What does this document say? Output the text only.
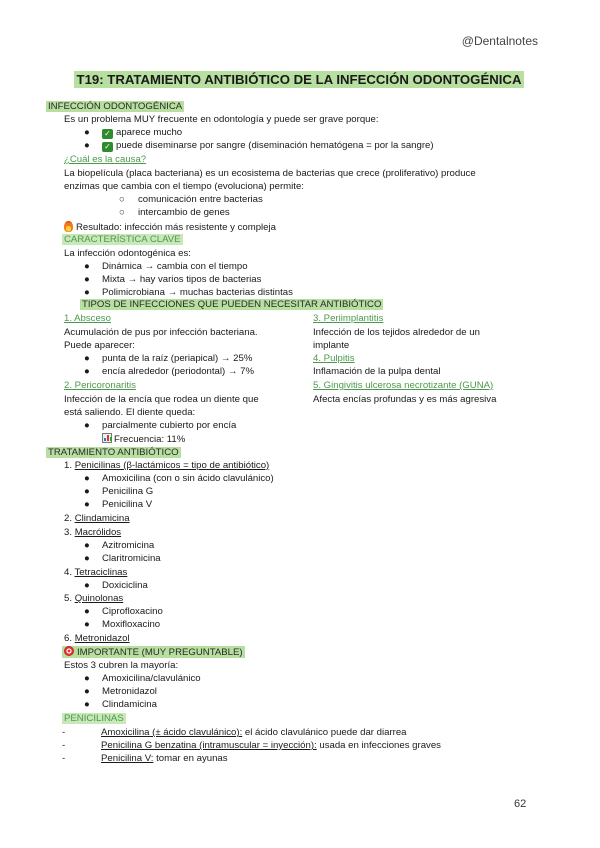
@Dentalnotes
T19: TRATAMIENTO ANTIBIÓTICO DE LA INFECCIÓN ODONTOGÉNICA
INFECCIÓN ODONTOGÉNICA
Es un problema MUY frecuente en odontología y puede ser grave porque:
● ✓ aparece mucho
● ✓ puede diseminarse por sangre (diseminación hematógena = por la sangre)
¿Cuál es la causa?
La biopelícula (placa bacteriana) es un ecosistema de bacterias que crece (proliferativo) produce
enzimas que cambia con el tiempo (evoluciona) permite:
○ comunicación entre bacterias
○ intercambio de genes
Resultado: infección más resistente y compleja
CARACTERÍSTICA CLAVE
La infección odontogénica es:
● Dinámica → cambia con el tiempo
● Mixta → hay varios tipos de bacterias
● Polimicrobiana → muchas bacterias distintas
TIPOS DE INFECCIONES QUE PUEDEN NECESITAR ANTIBIÓTICO
1. Absceso
Acumulación de pus por infección bacteriana.
Puede aparecer:
● punta de la raíz (periapical) → 25%
● encía alrededor (periodontal) → 7%
2. Pericoronaritis
Infección de la encía que rodea un diente que
está saliendo. El diente queda:
● parcialmente cubierto por encía
Frecuencia: 11%
3. Periimplantitis
Infección de los tejidos alrededor de un
implante
4. Pulpitis
Inflamación de la pulpa dental
5. Gingivitis ulcerosa necrotizante (GUNA)
Afecta encías profundas y es más agresiva
TRATAMIENTO ANTIBIÓTICO
1. Penicilinas (β-lactámicos = tipo de antibiótico)
● Amoxicilina (con o sin ácido clavulánico)
● Penicilina G
● Penicilina V
2. Clindamicina
3. Macrólidos
● Azitromicina
● Claritromicina
4. Tetraciclinas
● Doxiciclina
5. Quinolonas
● Ciprofloxacino
● Moxifloxacino
6. Metronidazol
IMPORTANTE (MUY PREGUNTABLE)
Estos 3 cubren la mayoría:
● Amoxicilina/clavulánico
● Metronidazol
● Clindamicina
PENICILINAS
-	Amoxicilina (± ácido clavulánico): el ácido clavulánico puede dar diarrea
-	Penicilina G benzatina (intramuscular = inyección): usada en infecciones graves
-	Penicilina V: tomar en ayunas
62
